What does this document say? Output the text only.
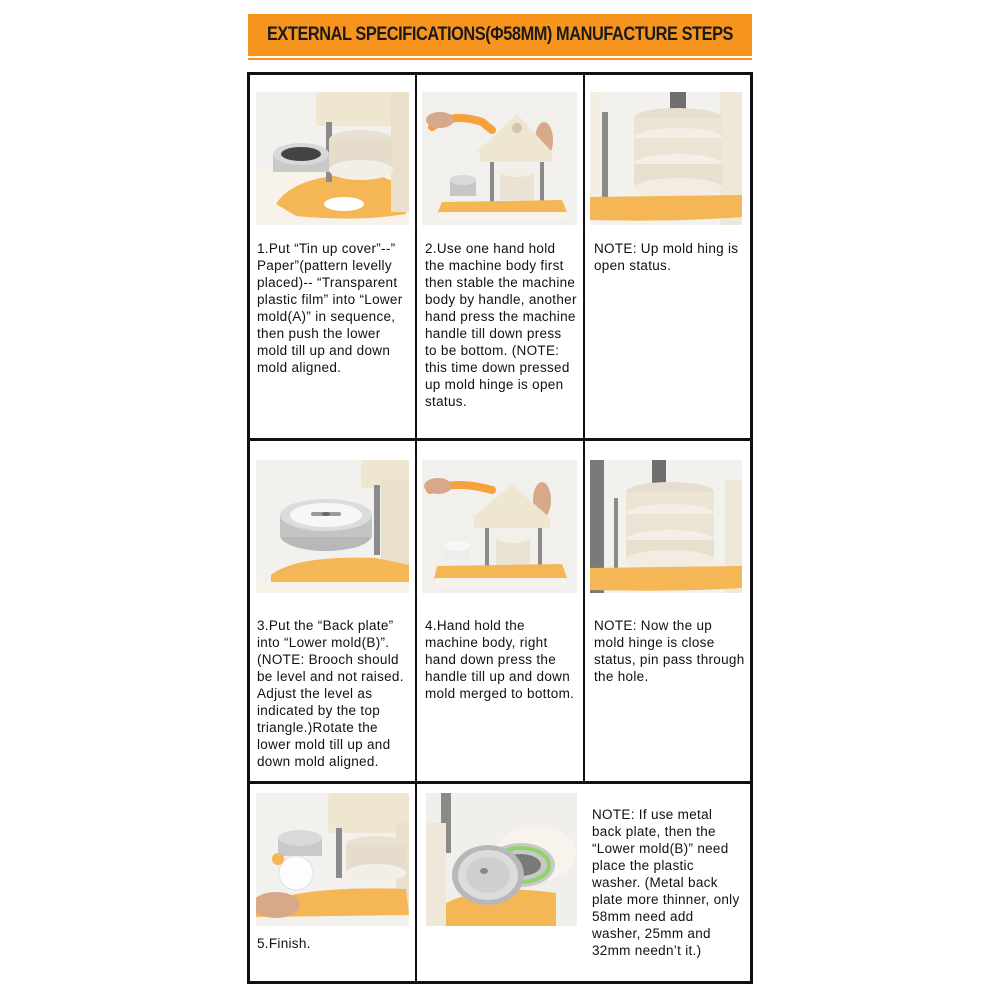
EXTERNAL SPECIFICATIONS(Φ58MM) MANUFACTURE STEPS
1.Put “Tin up cover”--” Paper”(pattern levelly placed)-- “Transparent plastic film” into “Lower mold(A)” in sequence, then push the lower mold till up and down mold aligned.
2.Use one hand hold the machine body first then stable the machine body by handle, another hand press the machine handle till down press to be bottom. (NOTE: this time down pressed up mold hinge is open status.
NOTE: Up mold hing is open status.
3.Put the “Back plate” into “Lower mold(B)”. (NOTE: Brooch should be level and not raised. Adjust the level as indicated by the top triangle.)Rotate the lower mold till up and down mold aligned.
4.Hand hold the machine body, right hand down press the handle till up and down mold merged to bottom.
NOTE: Now the up mold hinge is close status, pin pass through the hole.
5.Finish.
NOTE: If use metal back plate, then the “Lower mold(B)” need place the plastic washer. (Metal back plate more thinner, only 58mm need add washer, 25mm and 32mm needn’t it.)
